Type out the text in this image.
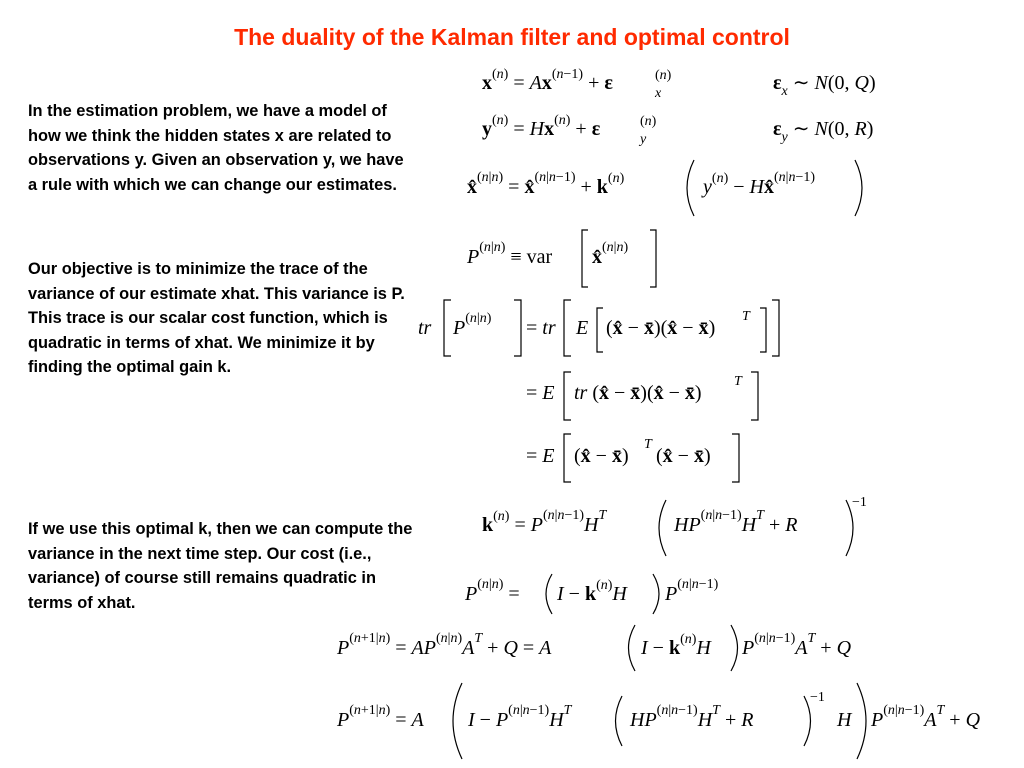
The duality of the Kalman filter and optimal control

In the estimation problem, we have a model of how we think the hidden states x are related to observations y. Given an observation y, we have a rule with which we can change our estimates.

Our objective is to minimize the trace of the variance of our estimate xhat. This variance is P. This trace is our scalar cost function, which is quadratic in terms of xhat. We minimize it by finding the optimal gain k.

If we use this optimal k, then we can compute the variance in the next time step. Our cost (i.e., variance) of course still remains quadratic in terms of xhat.

x(n) = Ax(n−1) + ε	(n)
x	$\varepsilon_x$ ∼ N(0, Q)
y(n) = Hx(n) + ε	(n)
y	$\varepsilon_y$ ∼ N(0, R)
x̂(n|n) = x̂(n|n−1) + k(n)	y(n) − Hx̂(n|n−1)
P(n|n) ≡ var x̂(n|n)
tr P(n|n) = tr E (x̂ − x̄)(x̂ − x̄)
T
= E tr (x̂ − x̄)(x̂ − x̄)
T
= E (x̂ − x̄)
T
(x̂ − x̄)
$k^(n) = P^(n|n-1)H^T$	$HP^(n|n-1)H^T + R$
−1
P(n|n) = I − k(n)H P(n|n−1)
$P^(n+1|n) = AP^(n|n)A^T + Q = A$	I − k(n)H $P^(n|n-1)A^T + Q$
P(n+1|n) = A $I - P^(n|n-1)H^T$	$HP^(n|n-1)H^T + R$
−1
H $P^(n|n-1)A^T + Q$
